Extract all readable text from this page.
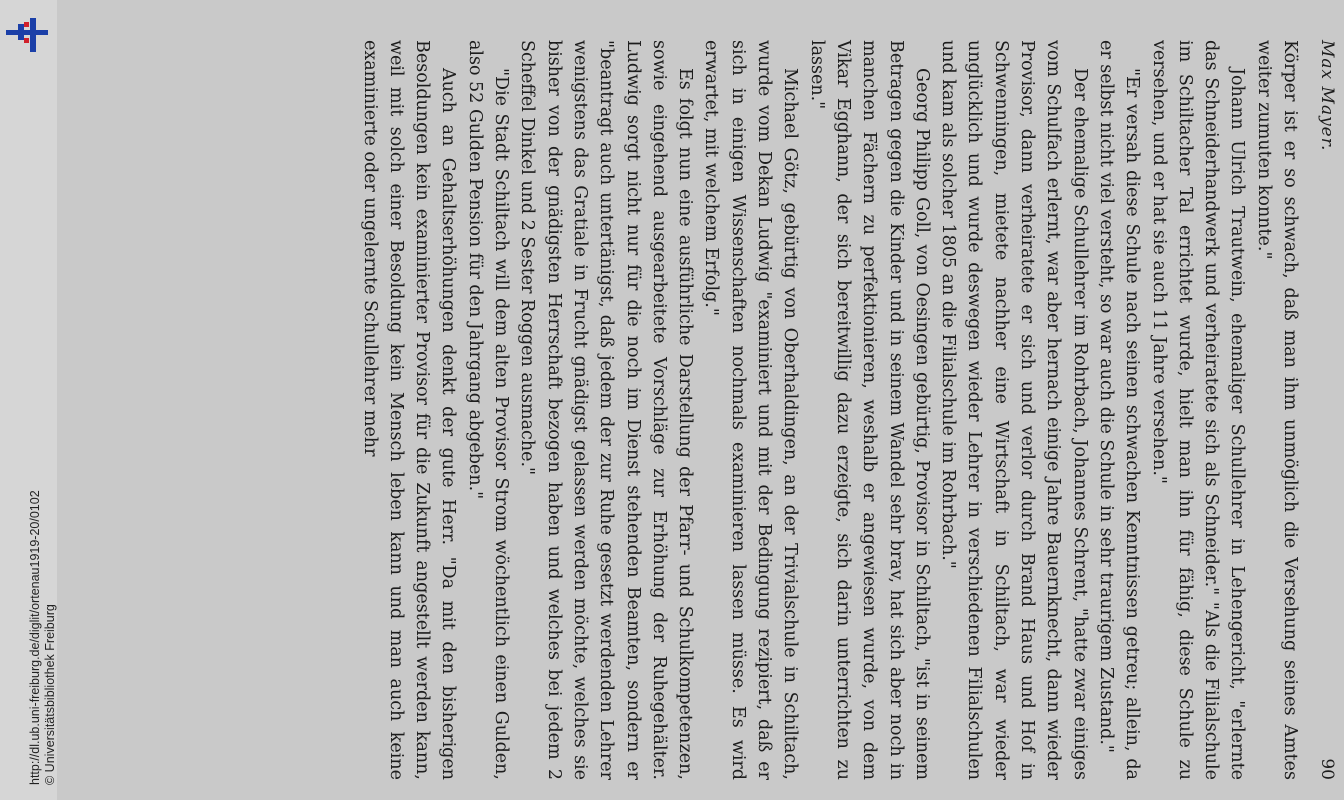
http://dl.ub.uni-freiburg.de/diglit/ortenau1919-20/0102 © Universitätsbibliothek Freiburg
Max Mayer.
90

Körper ist er so schwach, daß man ihm unmöglich die Versehung seines Amtes weiter zumuten konnte."

Johann Ulrich Trautwein, ehemaliger Schullehrer in Lehengericht, "erlernte das Schneiderhandwerk und verheiratete sich als Schneider." "Als die Filialschule im Schiltacher Tal errichtet wurde, hielt man ihn für fähig, diese Schule zu versehen, und er hat sie auch 11 Jahre versehen."

"Er versah diese Schule nach seinen schwachen Kenntnissen getreu; allein, da er selbst nicht viel versteht, so war auch die Schule in sehr traurigem Zustand."

Der ehemalige Schullehrer im Rohrbach, Johannes Schrent, "hatte zwar einiges vom Schulfach erlernt, war aber hernach einige Jahre Bauernknecht, dann wieder Provisor, dann verheiratete er sich und verlor durch Brand Haus und Hof in Schwenningen, mietete nachher eine Wirtschaft in Schiltach, war wieder unglücklich und wurde deswegen wieder Lehrer in verschiedenen Filialschulen und kam als solcher 1805 an die Filialschule im Rohrbach."

Georg Philipp Goll, von Oesingen gebürtig, Provisor in Schiltach, "ist in seinem Betragen gegen die Kinder und in seinem Wandel sehr brav, hat sich aber noch in manchen Fächern zu perfektionieren, weshalb er angewiesen wurde, von dem Vikar Egghann, der sich bereitwillig dazu erzeigte, sich darin unterrichten zu lassen."

Michael Götz, gebürtig von Oberhaldingen, an der Trivialschule in Schiltach, wurde vom Dekan Ludwig "examiniert und mit der Bedingung rezipiert, daß er sich in einigen Wissenschaften nochmals examinieren lassen müsse. Es wird erwartet, mit welchem Erfolg."

Es folgt nun eine ausführliche Darstellung der Pfarr- und Schulkompetenzen, sowie eingehend ausgearbeitete Vorschläge zur Erhöhung der Ruhegehälter. Ludwig sorgt nicht nur für die noch im Dienst stehenden Beamten, sondern er "beantragt auch untertänigst, daß jedem der zur Ruhe gesetzt werdenden Lehrer wenigstens das Gratiale in Frucht gnädigst gelassen werden möchte, welches sie bisher von der gnädigsten Herrschaft bezogen haben und welches bei jedem 2 Scheffel Dinkel und 2 Sester Roggen ausmache."

"Die Stadt Schiltach will dem alten Provisor Strom wöchentlich einen Gulden, also 52 Gulden Pension für den Jahrgang abgeben."

Auch an Gehaltserhöhungen denkt der gute Herr. "Da mit den bisherigen Besoldungen kein examinierter Provisor für die Zukunft angestellt werden kann, weil mit solch einer Besoldung kein Mensch leben kann und man auch keine examinierte oder ungelernte Schullehrer mehr
